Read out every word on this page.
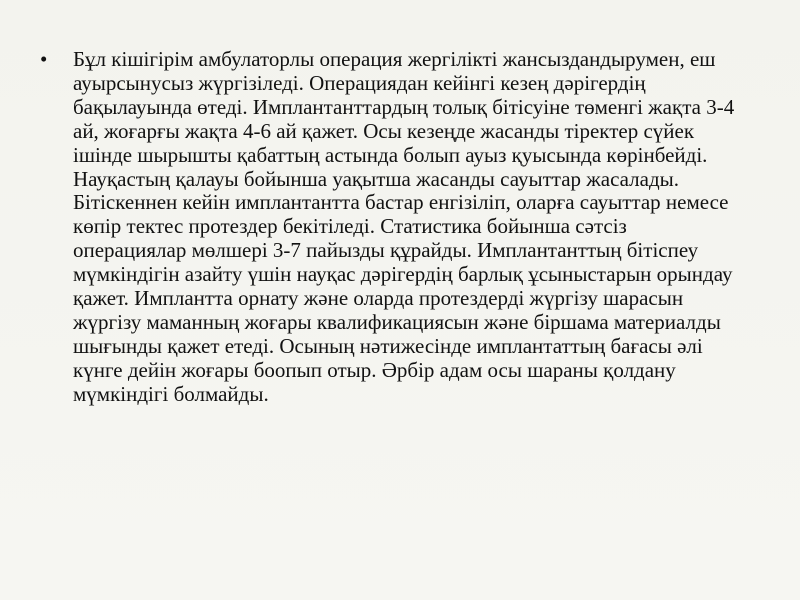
•	Бұл кішігірім амбулаторлы операция жергілікті жансыздандырумен, еш ауырсынусыз жүргізіледі. Операциядан кейінгі кезең дәрігердің бақылауында өтеді. Имплантанттардың толық бітісуіне төменгі жақта 3-4 ай, жоғарғы жақта 4-6 ай қажет. Осы кезеңде жасанды тіректер сүйек ішінде шырышты қабаттың астында болып ауыз қуысында көрінбейді. Науқастың қалауы бойынша уақытша жасанды сауыттар жасалады. Бітіскеннен кейін имплантантта бастар енгізіліп, оларға сауыттар немесе көпір тектес протездер бекітіледі. Статистика бойынша сәтсіз операциялар мөлшері 3-7 пайызды құрайды. Имплантанттың бітіспеу мүмкіндігін азайту үшін науқас дәрігердің барлық ұсыныстарын орындау қажет. Имплантта орнату және оларда протездерді жүргізу шарасын жүргізу маманның жоғары квалификациясын және біршама материалды шығынды қажет етеді. Осының нәтижесінде имплантаттың бағасы әлі күнге дейін жоғары боопып отыр. Әрбір адам осы шараны қолдану мүмкіндігі болмайды.
